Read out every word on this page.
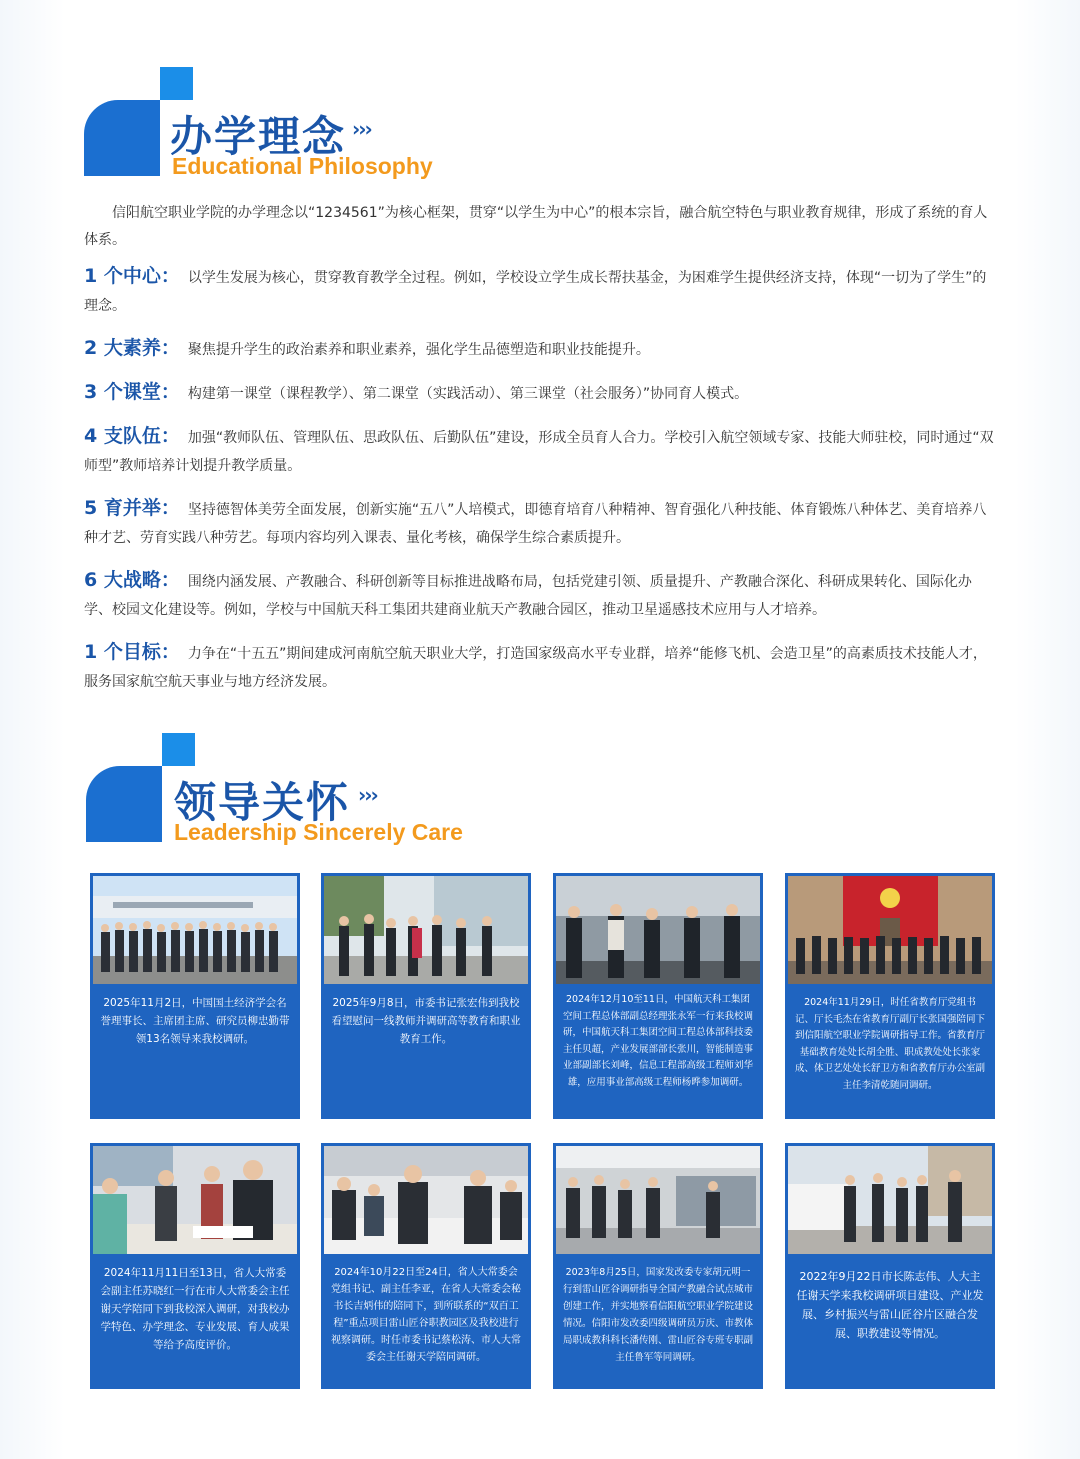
办学理念 ›››
Educational Philosophy
信阳航空职业学院的办学理念以“1234561”为核心框架，贯穿“以学生为中心”的根本宗旨，融合航空特色与职业教育规律，形成了系统的育人体系。
1 个中心： 以学生发展为核心，贯穿教育教学全过程。例如，学校设立学生成长帮扶基金，为困难学生提供经济支持，体现“一切为了学生”的理念。
2 大素养： 聚焦提升学生的政治素养和职业素养，强化学生品德塑造和职业技能提升。
3 个课堂： 构建第一课堂（课程教学）、第二课堂（实践活动）、第三课堂（社会服务）”协同育人模式。
4 支队伍： 加强“教师队伍、管理队伍、思政队伍、后勤队伍”建设，形成全员育人合力。学校引入航空领域专家、技能大师驻校，同时通过“双师型”教师培养计划提升教学质量。
5 育并举： 坚持德智体美劳全面发展，创新实施“五八”人培模式，即德育培育八种精神、智育强化八种技能、体育锻炼八种体艺、美育培养八种才艺、劳育实践八种劳艺。每项内容均列入课表、量化考核，确保学生综合素质提升。
6 大战略： 围绕内涵发展、产教融合、科研创新等目标推进战略布局，包括党建引领、质量提升、产教融合深化、科研成果转化、国际化办学、校园文化建设等。例如，学校与中国航天科工集团共建商业航天产教融合园区，推动卫星遥感技术应用与人才培养。
1 个目标： 力争在“十五五”期间建成河南航空航天职业大学，打造国家级高水平专业群，培养“能修飞机、会造卫星”的高素质技术技能人才，服务国家航空航天事业与地方经济发展。
领导关怀 ›››
Leadership Sincerely Care
2025年11月2日，中国国土经济学会名誉理事长、主席团主席、研究员柳忠勤带领13名领导来我校调研。
2025年9月8日，市委书记张宏伟到我校看望慰问一线教师并调研高等教育和职业教育工作。
2024年12月10至11日，中国航天科工集团空间工程总体部副总经理张永军一行来我校调研，中国航天科工集团空间工程总体部科技委主任贝超，产业发展部部长张川，智能制造事业部副部长刘峰，信息工程部高级工程师刘华雄，应用事业部高级工程师杨晔参加调研。
2024年11月29日，时任省教育厅党组书记、厅长毛杰在省教育厅副厅长张国强陪同下到信阳航空职业学院调研指导工作。省教育厅基础教育处处长胡全胜、职成教处处长张家成、体卫艺处处长舒卫方和省教育厅办公室副主任李清乾随同调研。
2024年11月11日至13日，省人大常委会副主任苏晓红一行在市人大常委会主任谢天学陪同下到我校深入调研，对我校办学特色、办学理念、专业发展、育人成果等给予高度评价。
2024年10月22日至24日，省人大常委会党组书记、副主任李亚，在省人大常委会秘书长吉炳伟的陪同下，到所联系的“双百工程”重点项目雷山匠谷职教园区及我校进行视察调研。时任市委书记蔡松涛、市人大常委会主任谢天学陪同调研。
2023年8月25日，国家发改委专家胡元明一行到雷山匠谷调研指导全国产教融合试点城市创建工作，并实地察看信阳航空职业学院建设情况。信阳市发改委四级调研员万庆、市教体局职成教科科长潘传刚、雷山匠谷专班专职副主任鲁军等同调研。
2022年9月22日市长陈志伟、人大主任谢天学来我校调研项目建设、产业发展、乡村振兴与雷山匠谷片区融合发展、职教建设等情况。
